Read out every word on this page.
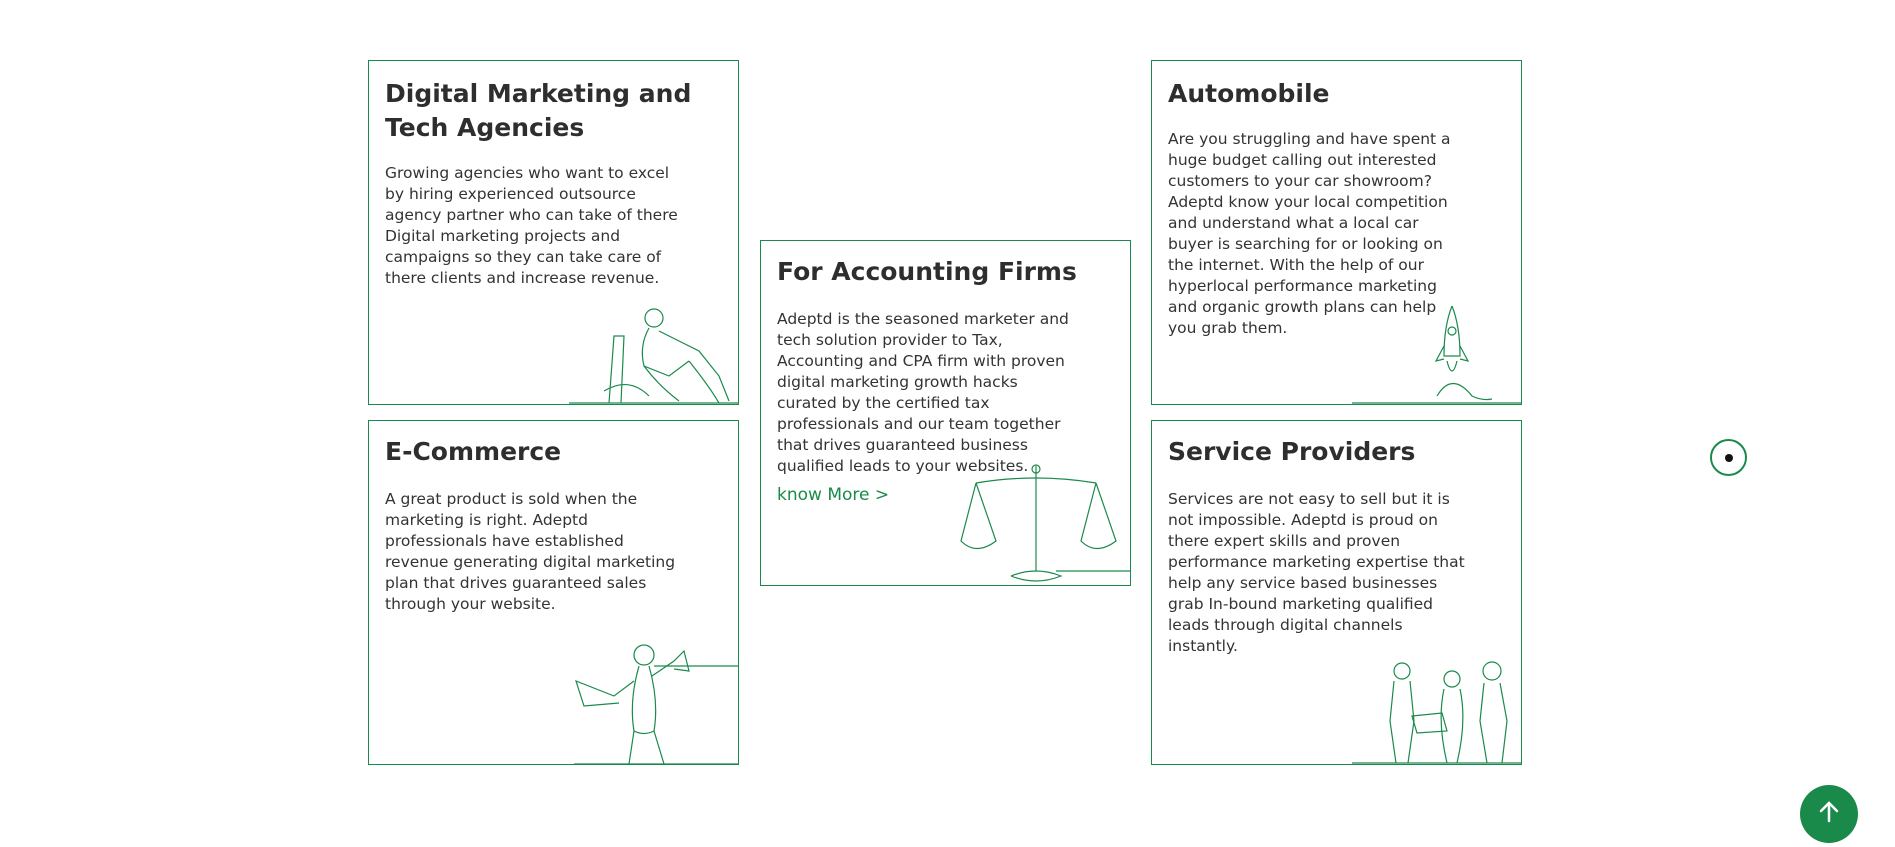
Digital Marketing and Tech Agencies

Growing agencies who want to excel by hiring experienced outsource agency partner who can take of there Digital marketing projects and campaigns so they can take care of there clients and increase revenue.

E-Commerce

A great product is sold when the marketing is right. Adeptd professionals have established revenue generating digital marketing plan that drives guaranteed sales through your website.

For Accounting Firms

Adeptd is the seasoned marketer and tech solution provider to Tax, Accounting and CPA firm with proven digital marketing growth hacks curated by the certified tax professionals and our team together that drives guaranteed business qualified leads to your websites.

know More >
Automobile

Are you struggling and have spent a huge budget calling out interested customers to your car showroom? Adeptd know your local competition and understand what a local car buyer is searching for or looking on the internet. With the help of our hyperlocal performance marketing and organic growth plans can help you grab them.

Service Providers

Services are not easy to sell but it is not impossible. Adeptd is proud on there expert skills and proven performance marketing expertise that help any service based businesses grab In-bound marketing qualified leads through digital channels instantly.
